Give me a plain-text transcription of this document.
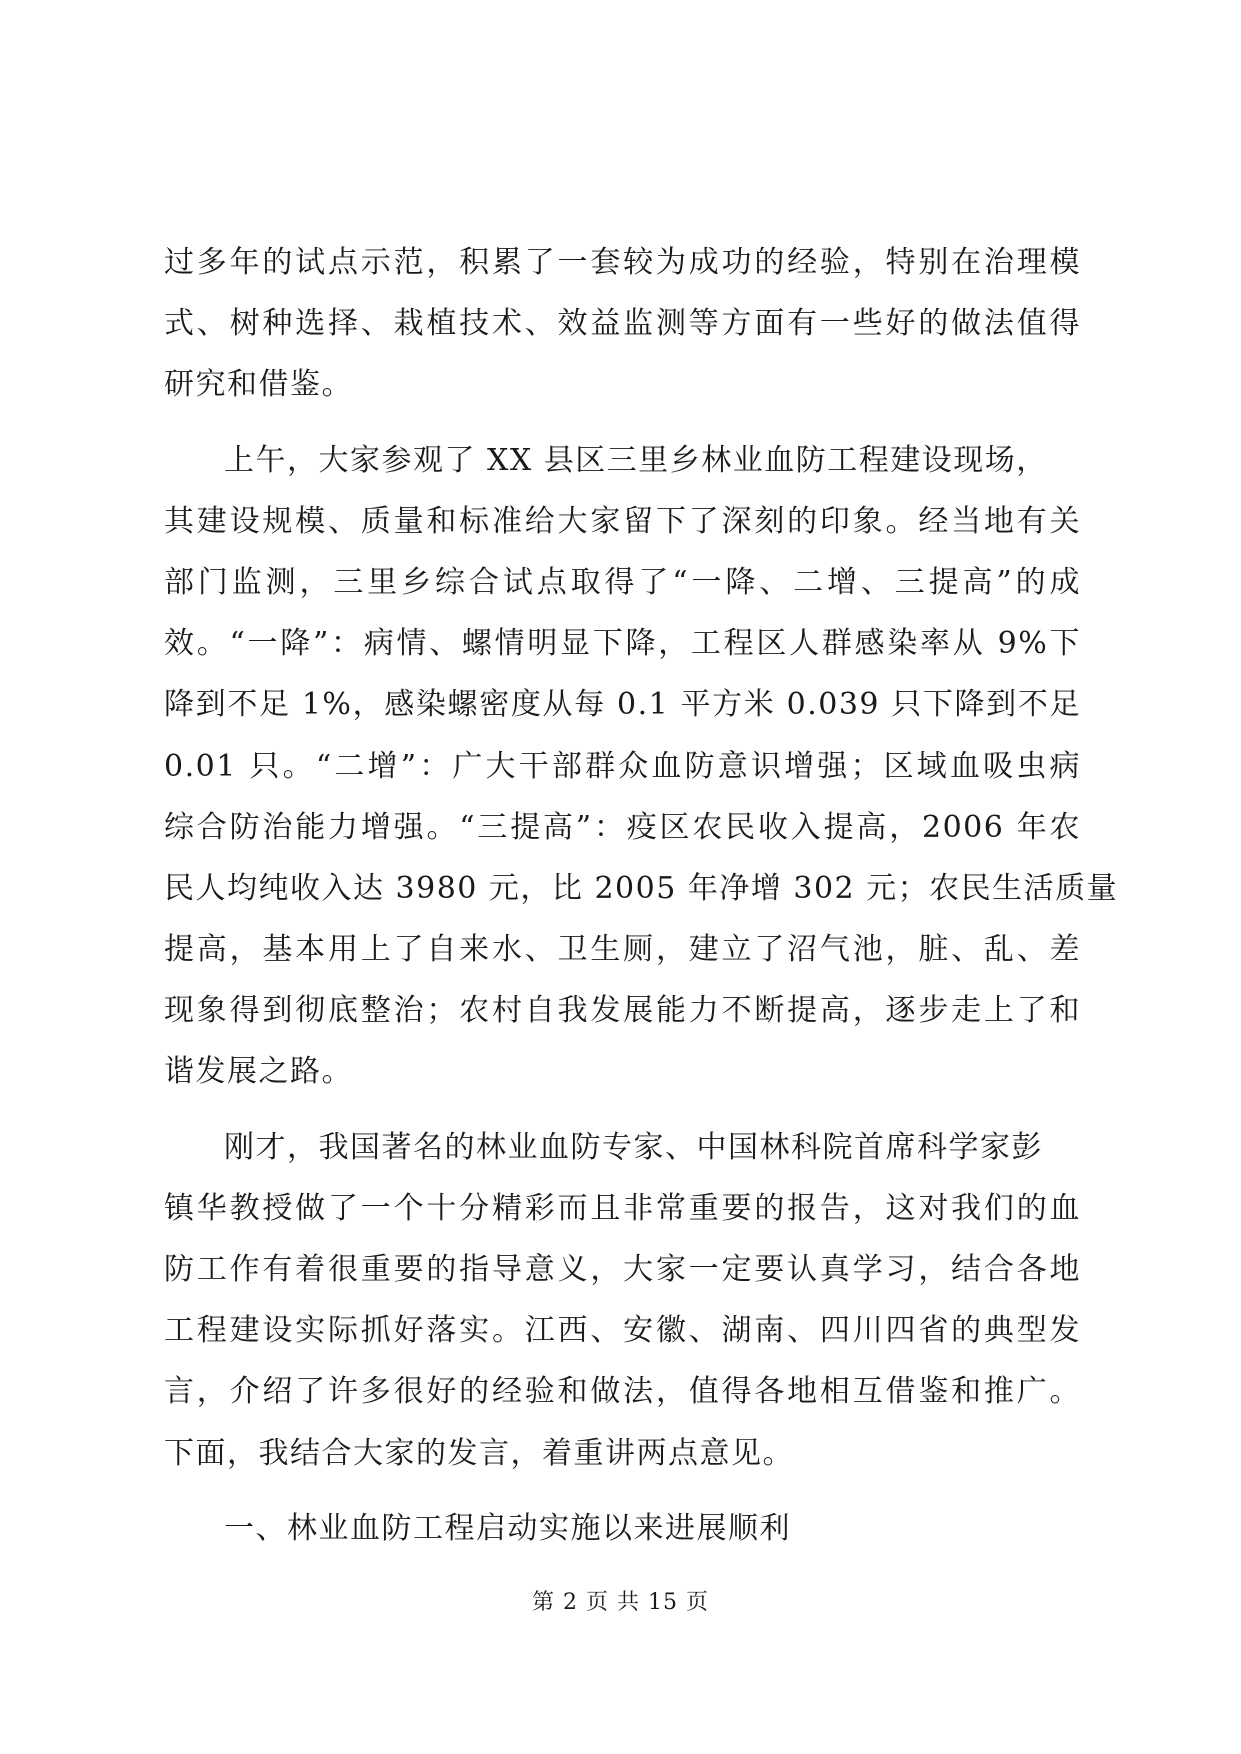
过多年的试点示范，积累了一套较为成功的经验，特别在治理模
式、树种选择、栽植技术、效益监测等方面有一些好的做法值得
研究和借鉴。
上午，大家参观了 XX 县区三里乡林业血防工程建设现场，
其建设规模、质量和标准给大家留下了深刻的印象。经当地有关
部门监测，三里乡综合试点取得了“一降、二增、三提高”的成
效。“一降”：病情、螺情明显下降，工程区人群感染率从 9%下
降到不足 1%，感染螺密度从每 0.1 平方米 0.039 只下降到不足
0.01 只。“二增”：广大干部群众血防意识增强；区域血吸虫病
综合防治能力增强。“三提高”：疫区农民收入提高，2006 年农
民人均纯收入达 3980 元，比 2005 年净增 302 元；农民生活质量
提高，基本用上了自来水、卫生厕，建立了沼气池，脏、乱、差
现象得到彻底整治；农村自我发展能力不断提高，逐步走上了和
谐发展之路。
刚才，我国著名的林业血防专家、中国林科院首席科学家彭
镇华教授做了一个十分精彩而且非常重要的报告，这对我们的血
防工作有着很重要的指导意义，大家一定要认真学习，结合各地
工程建设实际抓好落实。江西、安徽、湖南、四川四省的典型发
言，介绍了许多很好的经验和做法，值得各地相互借鉴和推广。
下面，我结合大家的发言，着重讲两点意见。
一、林业血防工程启动实施以来进展顺利
第 2 页 共 15 页
